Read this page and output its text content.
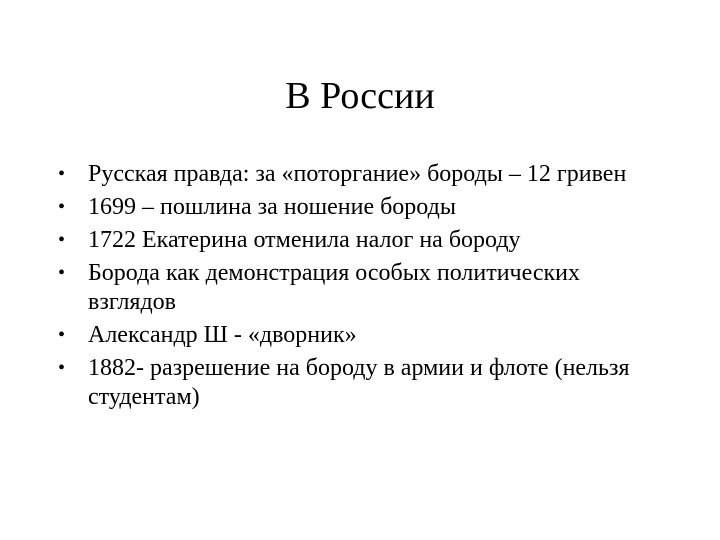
В России
• Русская правда: за «поторгание» бороды – 12 гривен
• 1699 – пошлина за ношение бороды
• 1722 Екатерина отменила налог на бороду
• Борода как демонстрация особых политических взглядов
• Александр Ш - «дворник»
• 1882- разрешение на бороду в армии и флоте (нельзя студентам)
